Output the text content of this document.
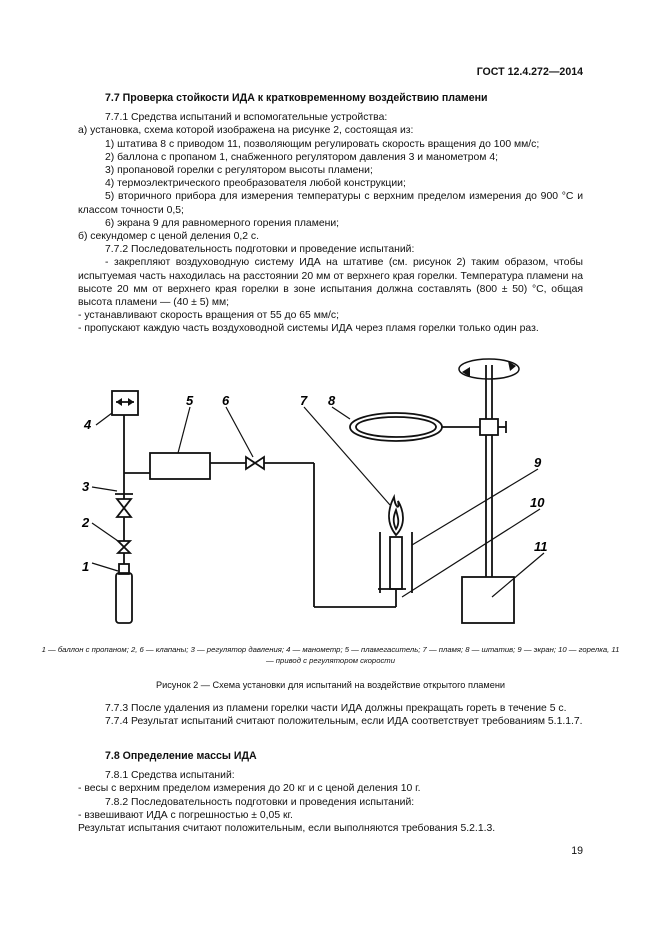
ГОСТ 12.4.272—2014

7.7 Проверка стойкости ИДА к кратковременному воздействию пламени

7.7.1 Средства испытаний и вспомогательные устройства:

а) установка, схема которой изображена на рисунке 2, состоящая из:

1) штатива 8 с приводом 11, позволяющим регулировать скорость вращения до 100 мм/с;

2) баллона с пропаном 1, снабженного регулятором давления 3 и манометром 4;

3) пропановой горелки с регулятором высоты пламени;

4) термоэлектрического преобразователя любой конструкции;

5) вторичного прибора для измерения температуры с верхним пределом измерения до 900 °С и классом точности 0,5;

6) экрана 9 для равномерного горения пламени;

б) секундомер с ценой деления 0,2 с.

7.7.2 Последовательность подготовки и проведение испытаний:

- закрепляют воздуховодную систему ИДА на штативе (см. рисунок 2) таким образом, чтобы испытуемая часть находилась на расстоянии 20 мм от верхнего края горелки. Температура пламени на высоте 20 мм от верхнего края горелки в зоне испытания должна составлять (800 ± 50) °С, общая высота пламени — (40 ± 5) мм;

- устанавливают скорость вращения от 55 до 65 мм/с;

- пропускают каждую часть воздуховодной системы ИДА через пламя горелки только один раз.

1
2
3
4
5 6	7 8
9
10
11
1 — баллон с пропаном; 2, 6 — клапаны; 3 — регулятор давления; 4 — манометр; 5 — пламегаситель; 7 — пламя; 8 — штатив; 9 — экран; 10 — горелка, 11 — привод с регулятором скорости
Рисунок 2 — Схема установки для испытаний на воздействие открытого пламени

7.7.3 После удаления из пламени горелки части ИДА должны прекращать гореть в течение 5 с.

7.7.4 Результат испытаний считают положительным, если ИДА соответствует требованиям 5.1.1.7.

7.8 Определение массы ИДА

7.8.1 Средства испытаний:

- весы с верхним пределом измерения до 20 кг и с ценой деления 10 г.

7.8.2 Последовательность подготовки и проведения испытаний:

- взвешивают ИДА с погрешностью ± 0,05 кг.

Результат испытания считают положительным, если выполняются требования 5.2.1.3.

19
